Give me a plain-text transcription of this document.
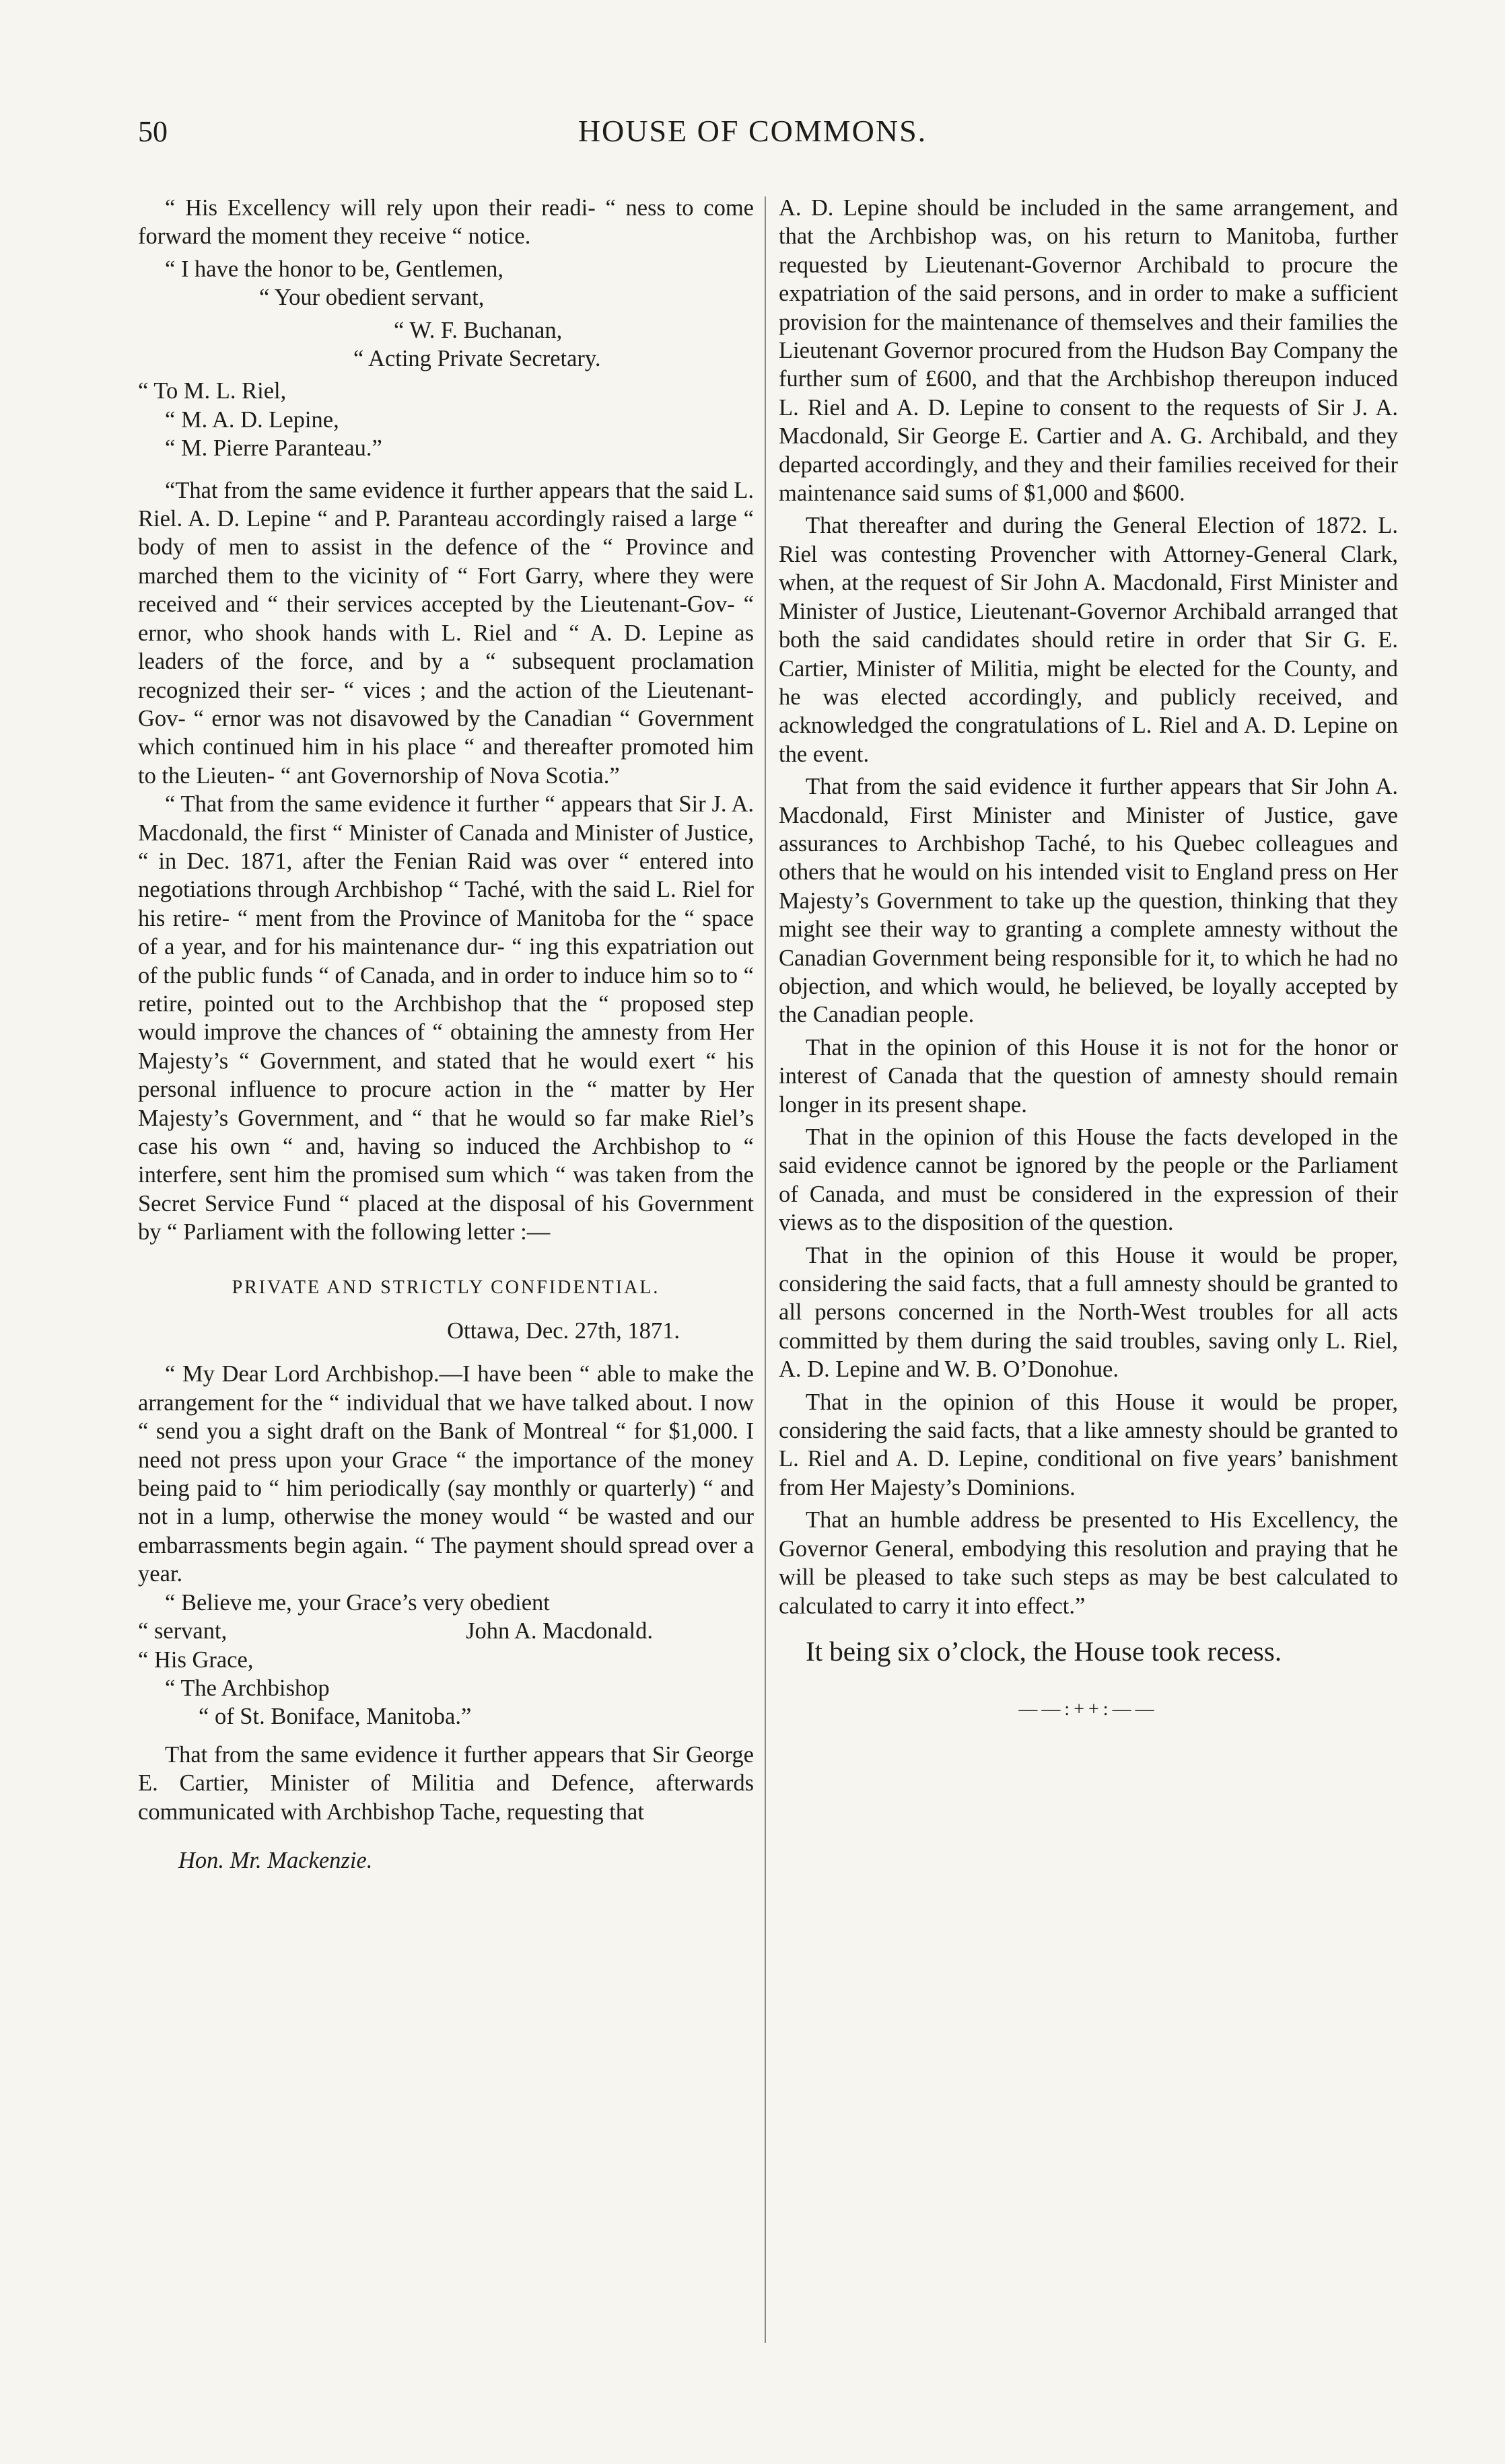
50	HOUSE OF COMMONS.

“ His Excellency will rely upon their readi- “ ness to come forward the moment they receive “ notice.

“ I have the honor to be, Gentlemen,

“ Your obedient servant,

“ W. F. Buchanan,

“ Acting Private Secretary.

“ To M. L. Riel,

“ M. A. D. Lepine,

“ M. Pierre Paranteau.”

“That from the same evidence it further appears that the said L. Riel. A. D. Lepine “ and P. Paranteau accordingly raised a large “ body of men to assist in the defence of the “ Province and marched them to the vicinity of “ Fort Garry, where they were received and “ their services accepted by the Lieutenant-Gov- “ ernor, who shook hands with L. Riel and “ A. D. Lepine as leaders of the force, and by a “ subsequent proclamation recognized their ser- “ vices ; and the action of the Lieutenant-Gov- “ ernor was not disavowed by the Canadian “ Government which continued him in his place “ and thereafter promoted him to the Lieuten- “ ant Governorship of Nova Scotia.”

“ That from the same evidence it further “ appears that Sir J. A. Macdonald, the first “ Minister of Canada and Minister of Justice, “ in Dec. 1871, after the Fenian Raid was over “ entered into negotiations through Archbishop “ Taché, with the said L. Riel for his retire- “ ment from the Province of Manitoba for the “ space of a year, and for his maintenance dur- “ ing this expatriation out of the public funds “ of Canada, and in order to induce him so to “ retire, pointed out to the Archbishop that the “ proposed step would improve the chances of “ obtaining the amnesty from Her Majesty’s “ Government, and stated that he would exert “ his personal influence to procure action in the “ matter by Her Majesty’s Government, and “ that he would so far make Riel’s case his own “ and, having so induced the Archbishop to “ interfere, sent him the promised sum which “ was taken from the Secret Service Fund “ placed at the disposal of his Government by “ Parliament with the following letter :—

PRIVATE AND STRICTLY CONFIDENTIAL.
Ottawa, Dec. 27th, 1871.

“ My Dear Lord Archbishop.—I have been “ able to make the arrangement for the “ individual that we have talked about. I now “ send you a sight draft on the Bank of Montreal “ for $1,000. I need not press upon your Grace “ the importance of the money being paid to “ him periodically (say monthly or quarterly) “ and not in a lump, otherwise the money would “ be wasted and our embarrassments begin again. “ The payment should spread over a year.

“ Believe me, your Grace’s very obedient

“ servant,	John A. Macdonald.

“ His Grace,

“ The Archbishop

“ of St. Boniface, Manitoba.”

That from the same evidence it further appears that Sir George E. Cartier, Minister of Militia and Defence, afterwards communicated with Archbishop Tache, requesting that

Hon. Mr. Mackenzie.

A. D. Lepine should be included in the same arrangement, and that the Archbishop was, on his return to Manitoba, further requested by Lieutenant-Governor Archibald to procure the expatriation of the said persons, and in order to make a sufficient provision for the maintenance of themselves and their families the Lieutenant Governor procured from the Hudson Bay Company the further sum of £600, and that the Archbishop thereupon induced L. Riel and A. D. Lepine to consent to the requests of Sir J. A. Macdonald, Sir George E. Cartier and A. G. Archibald, and they departed accordingly, and they and their families received for their maintenance said sums of $1,000 and $600.

That thereafter and during the General Election of 1872. L. Riel was contesting Provencher with Attorney-General Clark, when, at the request of Sir John A. Macdonald, First Minister and Minister of Justice, Lieutenant-Governor Archibald arranged that both the said candidates should retire in order that Sir G. E. Cartier, Minister of Militia, might be elected for the County, and he was elected accordingly, and publicly received, and acknowledged the congratulations of L. Riel and A. D. Lepine on the event.

That from the said evidence it further appears that Sir John A. Macdonald, First Minister and Minister of Justice, gave assurances to Archbishop Taché, to his Quebec colleagues and others that he would on his intended visit to England press on Her Majesty’s Government to take up the question, thinking that they might see their way to granting a complete amnesty without the Canadian Government being responsible for it, to which he had no objection, and which would, he believed, be loyally accepted by the Canadian people.

That in the opinion of this House it is not for the honor or interest of Canada that the question of amnesty should remain longer in its present shape.

That in the opinion of this House the facts developed in the said evidence cannot be ignored by the people or the Parliament of Canada, and must be considered in the expression of their views as to the disposition of the question.

That in the opinion of this House it would be proper, considering the said facts, that a full amnesty should be granted to all persons concerned in the North-West troubles for all acts committed by them during the said troubles, saving only L. Riel, A. D. Lepine and W. B. O’Donohue.

That in the opinion of this House it would be proper, considering the said facts, that a like amnesty should be granted to L. Riel and A. D. Lepine, conditional on five years’ banishment from Her Majesty’s Dominions.

That an humble address be presented to His Excellency, the Governor General, embodying this resolution and praying that he will be pleased to take such steps as may be best calculated to calculated to carry it into effect.”

It being six o’clock, the House took recess.

——:++:——
